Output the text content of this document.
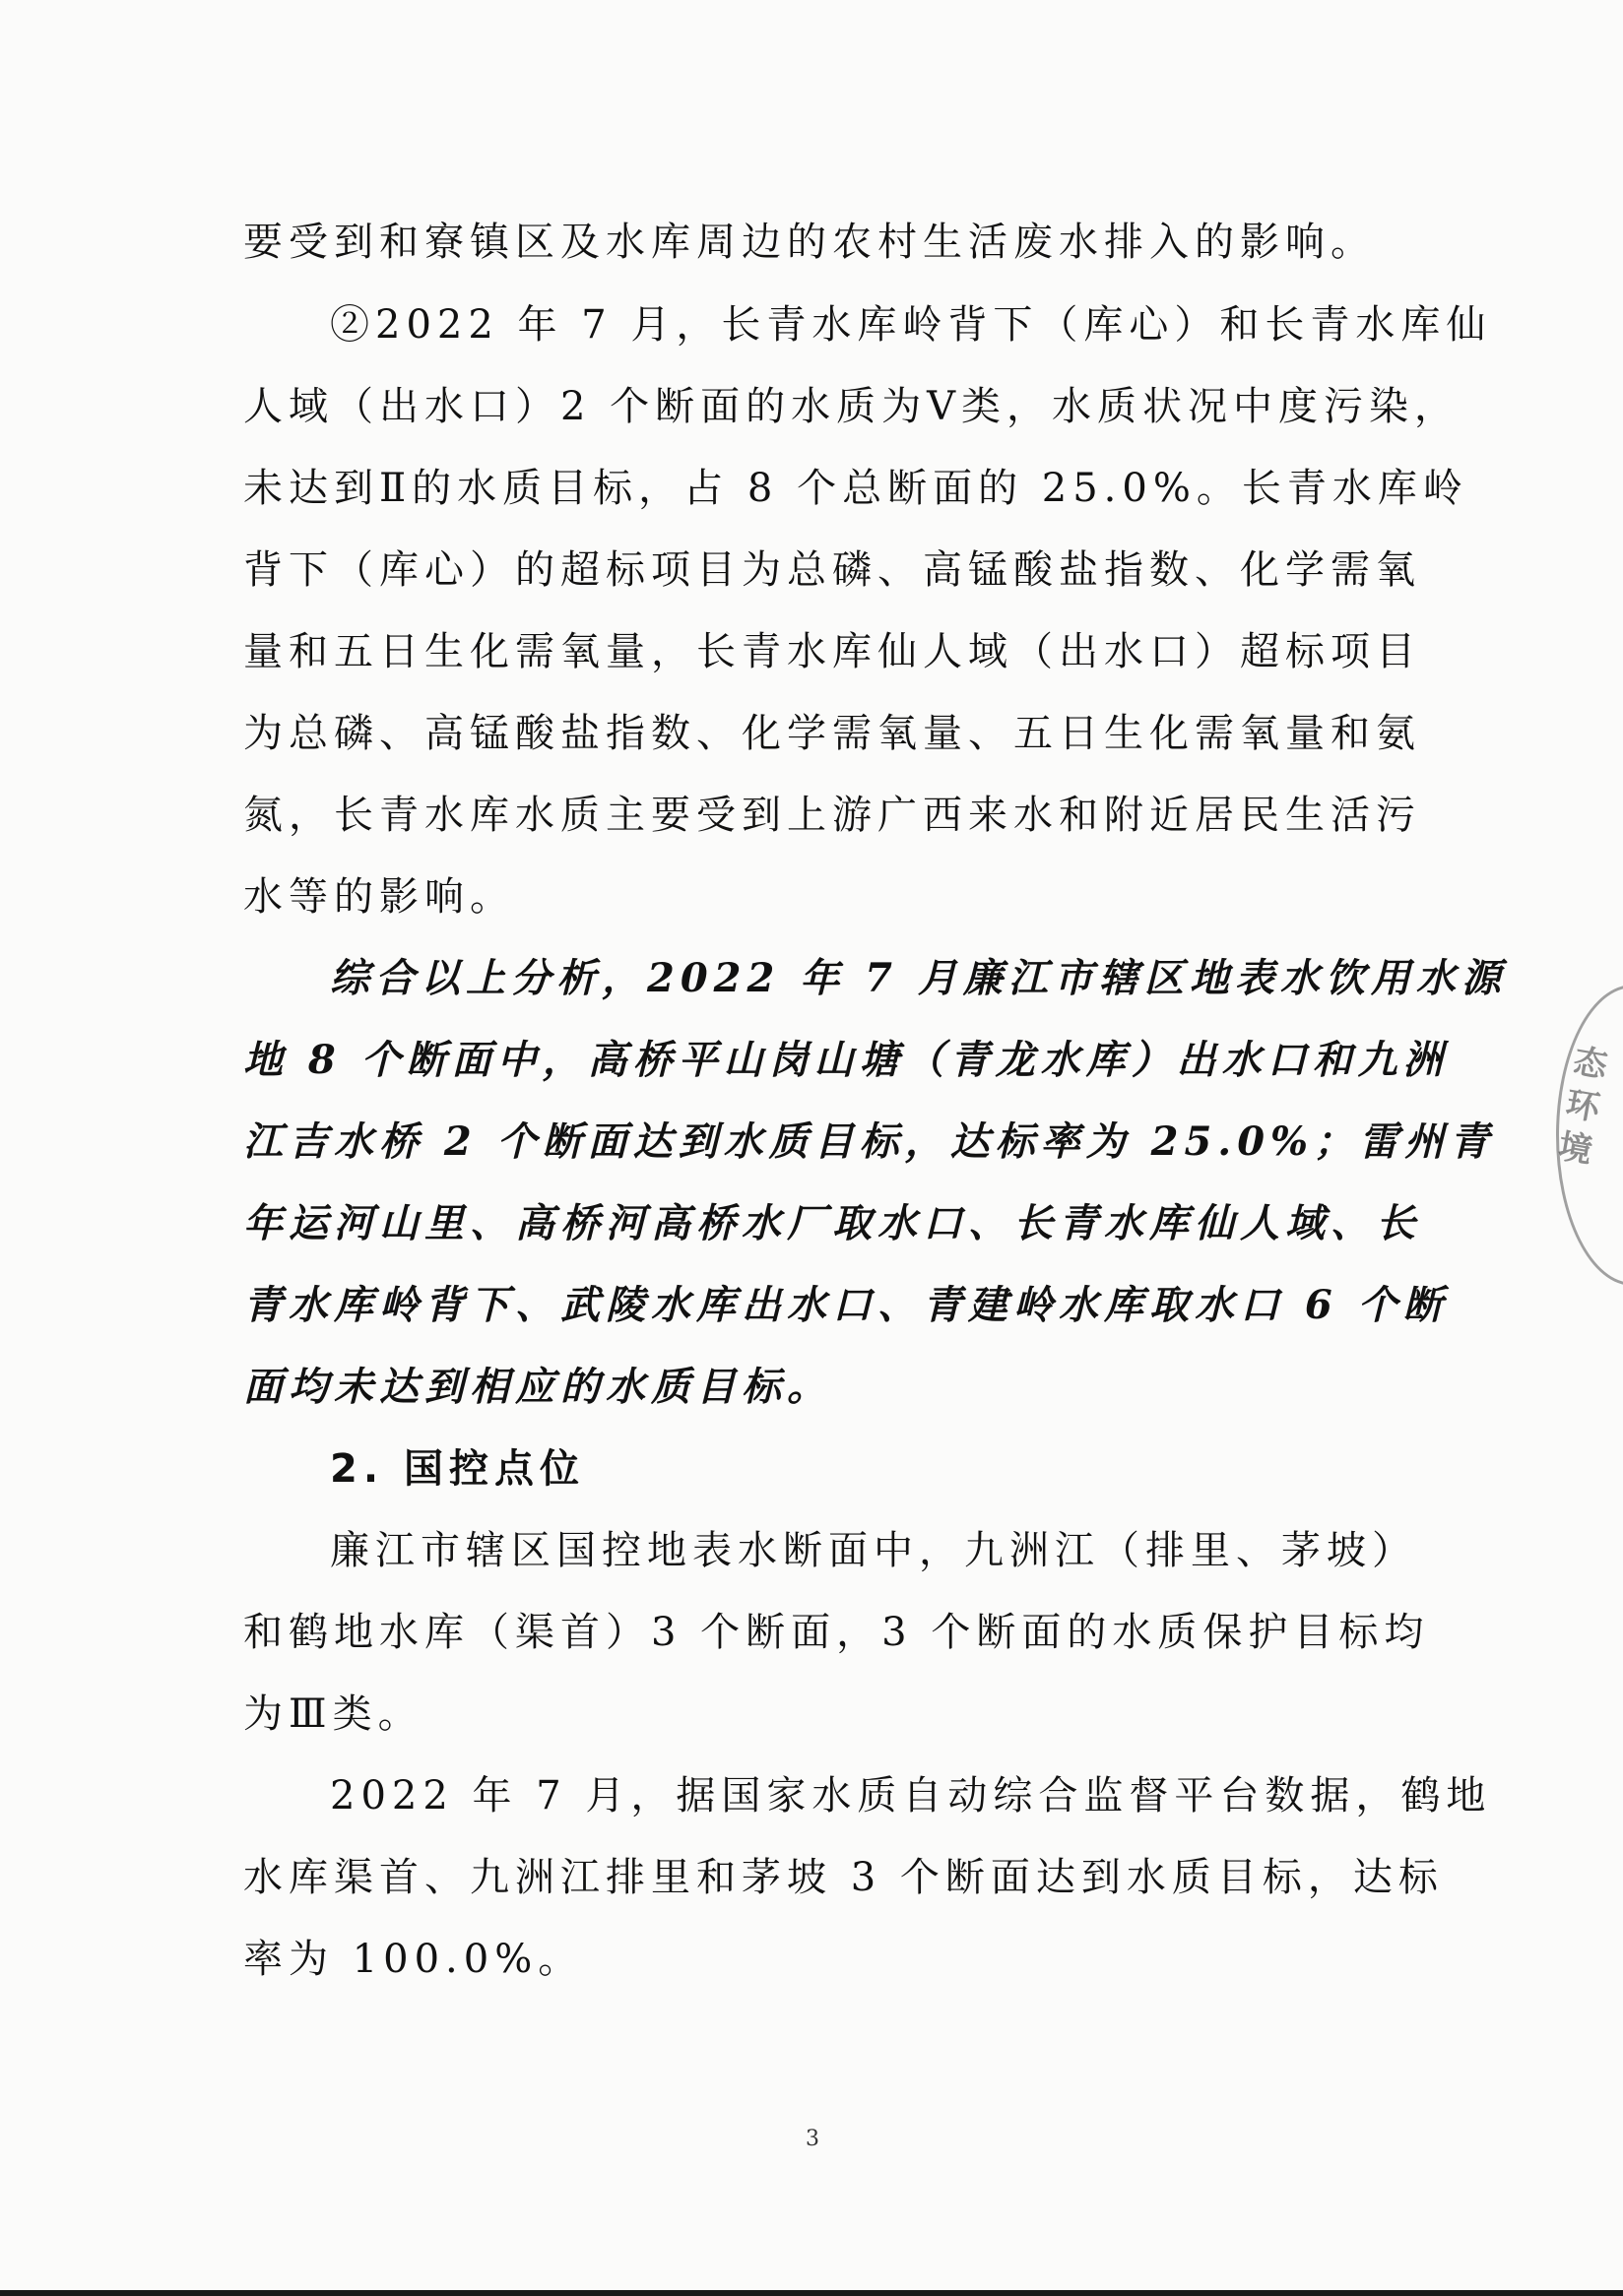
要受到和寮镇区及水库周边的农村生活废水排入的影响。
②2022 年 7 月，长青水库岭背下（库心）和长青水库仙
人域（出水口）2 个断面的水质为Ⅴ类，水质状况中度污染，
未达到Ⅱ的水质目标，占 8 个总断面的 25.0%。长青水库岭
背下（库心）的超标项目为总磷、高锰酸盐指数、化学需氧
量和五日生化需氧量，长青水库仙人域（出水口）超标项目
为总磷、高锰酸盐指数、化学需氧量、五日生化需氧量和氨
氮，长青水库水质主要受到上游广西来水和附近居民生活污
水等的影响。
综合以上分析，2022 年 7 月廉江市辖区地表水饮用水源
地 8 个断面中，高桥平山岗山塘（青龙水库）出水口和九洲
江吉水桥 2 个断面达到水质目标，达标率为 25.0%；雷州青
年运河山里、高桥河高桥水厂取水口、长青水库仙人域、长
青水库岭背下、武陵水库出水口、青建岭水库取水口 6 个断
面均未达到相应的水质目标。
2. 国控点位
廉江市辖区国控地表水断面中，九洲江（排里、茅坡）
和鹤地水库（渠首）3 个断面，3 个断面的水质保护目标均
为Ⅲ类。
2022 年 7 月，据国家水质自动综合监督平台数据，鹤地
水库渠首、九洲江排里和茅坡 3 个断面达到水质目标，达标
率为 100.0%。
3
态环境
